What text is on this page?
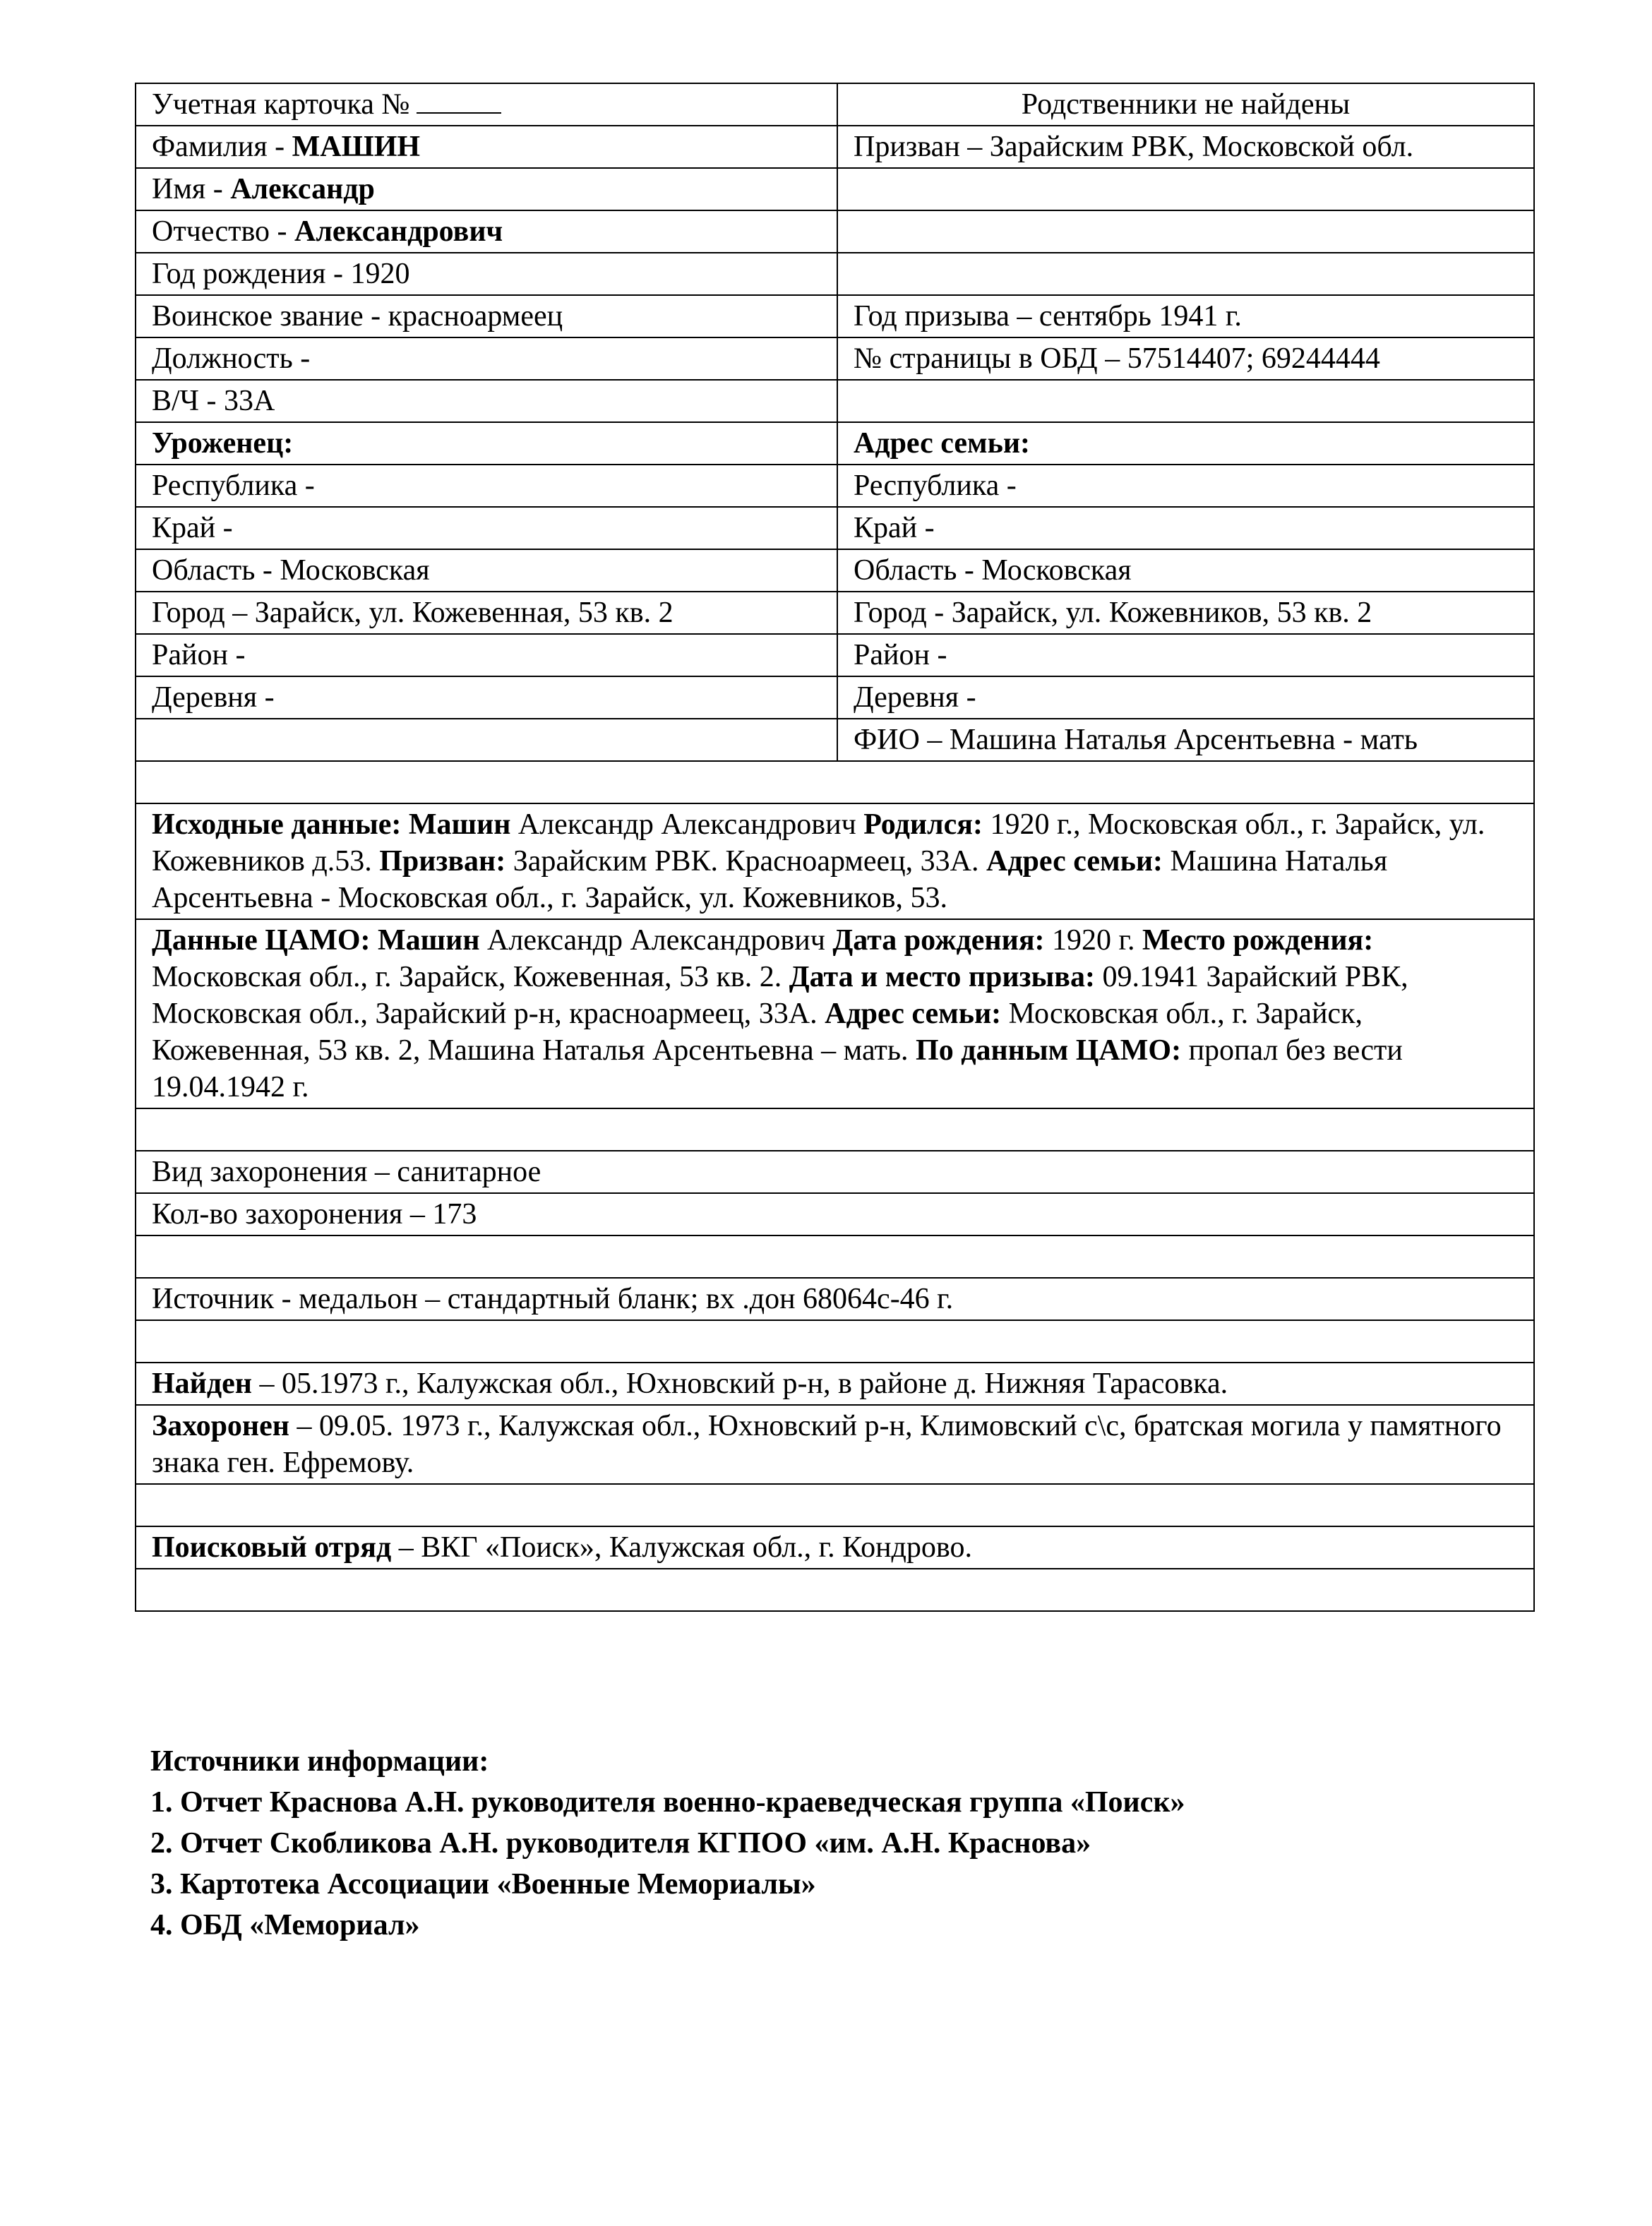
Учетная карточка №	Родственники не найдены
Фамилия - МАШИН	Призван – Зарайским РВК, Московской обл.
Имя - Александр	
Отчество - Александрович	
Год рождения - 1920	
Воинское звание - красноармеец	Год призыва – сентябрь 1941 г.
Должность -	№ страницы в ОБД – 57514407; 69244444
В/Ч - 33А	
Уроженец:	Адрес семьи:
Республика -	Республика -
Край -	Край -
Область - Московская	Область - Московская
Город – Зарайск, ул. Кожевенная, 53 кв. 2	Город - Зарайск, ул. Кожевников, 53 кв. 2
Район -	Район -
Деревня -	Деревня -
	ФИО – Машина Наталья Арсентьевна - мать

Исходные данные: Машин Александр Александрович Родился: 1920 г., Московская обл., г. Зарайск, ул. Кожевников д.53. Призван: Зарайским РВК. Красноармеец, 33А. Адрес семьи: Машина Наталья Арсентьевна - Московская обл., г. Зарайск, ул. Кожевников, 53.	
Данные ЦАМО: Машин Александр Александрович Дата рождения: 1920 г. Место рождения: Московская обл., г. Зарайск, Кожевенная, 53 кв. 2. Дата и место призыва: 09.1941 Зарайский РВК, Московская обл., Зарайский р-н, красноармеец, 33А. Адрес семьи: Московская обл., г. Зарайск, Кожевенная, 53 кв. 2, Машина Наталья Арсентьевна – мать. По данным ЦАМО: пропал без вести 19.04.1942 г.	

Вид захоронения – санитарное	
Кол-во захоронения – 173	

Источник - медальон – стандартный бланк; вх .дон 68064с-46 г.	

Найден – 05.1973 г., Калужская обл., Юхновский р-н, в районе д. Нижняя Тарасовка.	
Захоронен – 09.05. 1973 г., Калужская обл., Юхновский р-н, Климовский с\с, братская могила у памятного знака ген. Ефремову.	

Поисковый отряд – ВКГ «Поиск», Калужская обл., г. Кондрово.	

Источники информации:
1. Отчет Краснова А.Н. руководителя военно-краеведческая группа «Поиск»
2. Отчет Скобликова А.Н. руководителя КГПОО «им. А.Н. Краснова»
3. Картотека Ассоциации «Военные Мемориалы»
4. ОБД «Мемориал»
